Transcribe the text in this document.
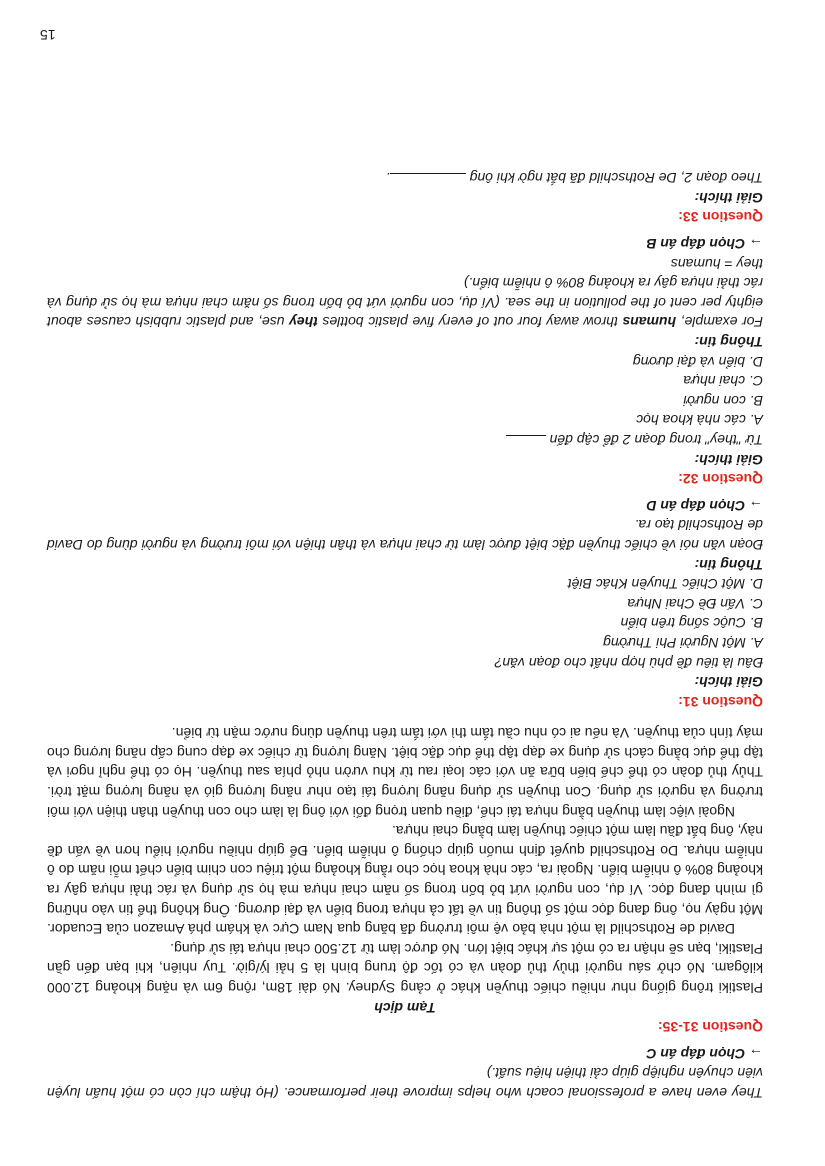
They even have a professional coach who helps improve their performance. (Họ thậm chí còn có một huấn luyện viên chuyên nghiệp giúp cải thiện hiệu suất.)

→ Chọn đáp án C

Question 31-35:

Tạm dịch

Plastiki trông giống như nhiều chiếc thuyền khác ở cảng Sydney. Nó dài 18m, rộng 6m và nặng khoảng 12.000 kilôgam. Nó chở sáu người thủy thủ đoàn và có tốc độ trung bình là 5 hải lý/giờ. Tuy nhiên, khi bạn đến gần Plastiki, bạn sẽ nhận ra có một sự khác biệt lớn. Nó được làm từ 12.500 chai nhựa tái sử dụng.

David de Rothschild là một nhà bảo vệ môi trường đã băng qua Nam Cực và khám phá Amazon của Ecuador. Một ngày nọ, ông đang đọc một số thông tin về tất cả nhựa trong biển và đại dương. Ông không thể tin vào những gì mình đang đọc. Ví dụ, con người vứt bỏ bốn trong số năm chai nhựa mà họ sử dụng và rác thải nhựa gây ra khoảng 80% ô nhiễm biển. Ngoài ra, các nhà khoa học cho rằng khoảng một triệu con chim biển chết mỗi năm do ô nhiễm nhựa. Do Rothschild quyết định muốn giúp chống ô nhiễm biển. Để giúp nhiều người hiểu hơn về vấn đề này, ông bắt đầu làm một chiếc thuyền làm bằng chai nhựa.

Ngoài việc làm thuyền bằng nhựa tái chế, điều quan trọng đối với ông là làm cho con thuyền thân thiện với môi trường và người sử dụng. Con thuyền sử dụng năng lượng tái tạo như năng lượng gió và năng lượng mặt trời. Thủy thủ đoàn có thể chế biến bữa ăn với các loại rau từ khu vườn nhỏ phía sau thuyền. Họ có thể nghỉ ngơi và tập thể dục bằng cách sử dụng xe đạp tập thể dục đặc biệt. Năng lượng từ chiếc xe đạp cung cấp năng lượng cho máy tính của thuyền. Và nếu ai có nhu cầu tắm thì với tắm trên thuyền dùng nước mặn từ biển.

Question 31:

Giải thích:

Đâu là tiêu đề phù hợp nhất cho đoạn văn?

A. Một Người Phi Thường

B. Cuộc sống trên biển

C. Vấn Đề Chai Nhựa

D. Một Chiếc Thuyền Khác Biệt

Thông tin:

Đoạn văn nói về chiếc thuyền đặc biệt được làm từ chai nhựa và thân thiện với môi trường và người dùng do David de Rothschild tạo ra.

→ Chọn đáp án D

Question 32:

Giải thích:

Từ "they" trong đoạn 2 để cập đến

A. các nhà khoa học

B. con người

C. chai nhựa

D. biển và đại dương

Thông tin:

For example, humans throw away four out of every five plastic bottles they use, and plastic rubbish causes about eighty per cent of the pollution in the sea. (Ví dụ, con người vứt bỏ bốn trong số năm chai nhựa mà họ sử dụng và rác thải nhựa gây ra khoảng 80% ô nhiễm biển.)

they = humans

→ Chọn đáp án B

Question 33:

Giải thích:

Theo đoạn 2, De Rothschild đã bắt ngờ khi ông .

15
